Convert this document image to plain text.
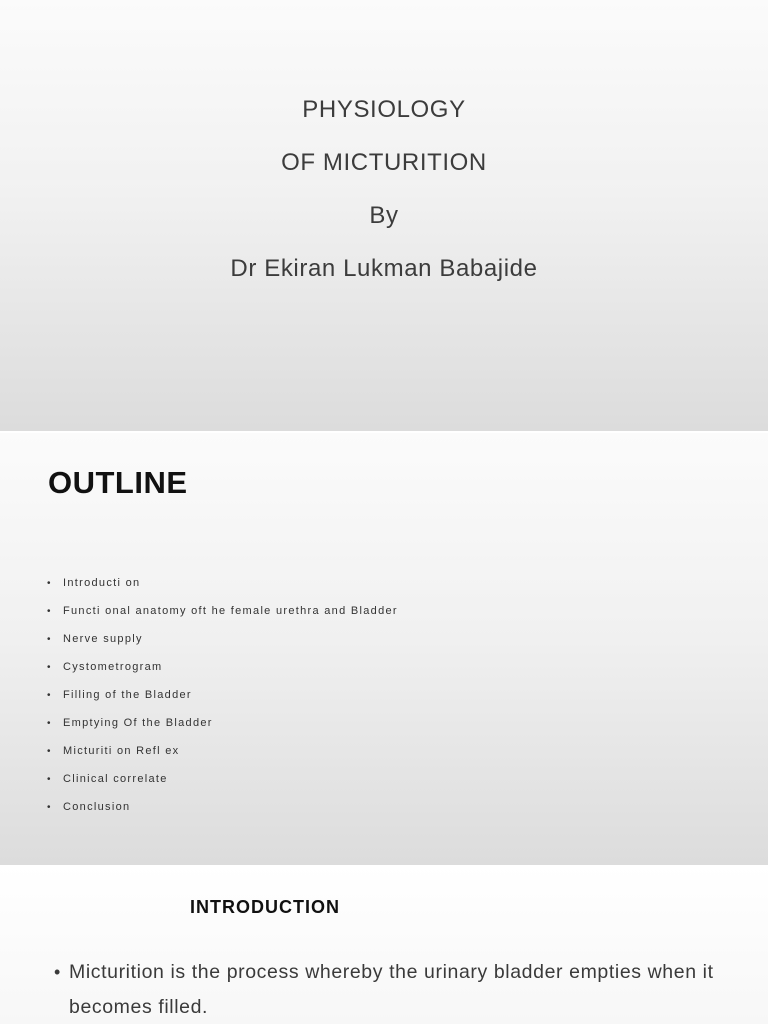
PHYSIOLOGY
OF MICTURITION
By
Dr Ekiran Lukman Babajide
OUTLINE
•	Introducti on
•	Functi onal anatomy oft he female urethra and Bladder
•	Nerve supply
•	Cystometrogram
•	Filling of the Bladder
•	Emptying Of the Bladder
•	Micturiti on Refl ex
•	Clinical correlate
•	Conclusion
INTRODUCTION
• Micturition is the process whereby the urinary bladder empties when it becomes filled.
